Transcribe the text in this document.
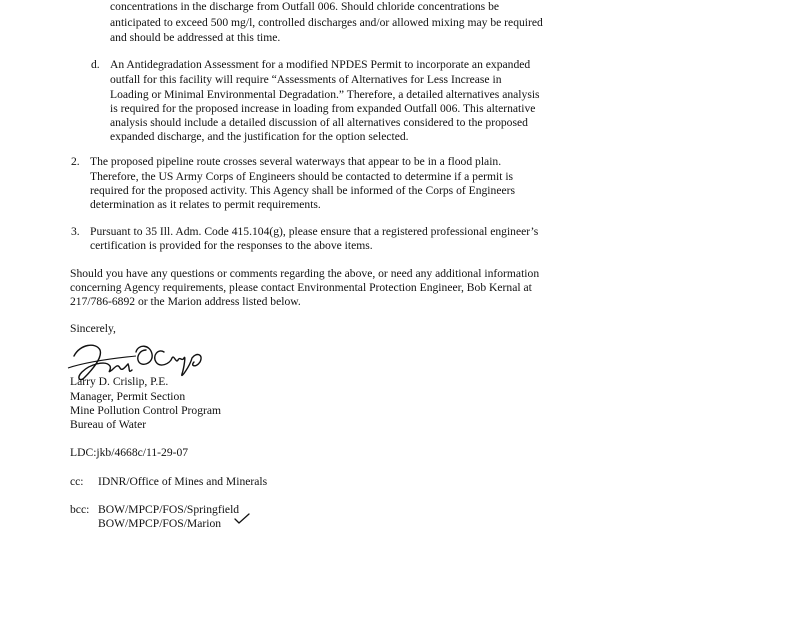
concentrations in the discharge from Outfall 006. Should chloride concentrations be

anticipated to exceed 500 mg/l, controlled discharges and/or allowed mixing may be required

and should be addressed at this time.

d. An Antidegradation Assessment for a modified NPDES Permit to incorporate an expanded

outfall for this facility will require “Assessments of Alternatives for Less Increase in

Loading or Minimal Environmental Degradation.” Therefore, a detailed alternatives analysis

is required for the proposed increase in loading from expanded Outfall 006. This alternative

analysis should include a detailed discussion of all alternatives considered to the proposed

expanded discharge, and the justification for the option selected.

2. The proposed pipeline route crosses several waterways that appear to be in a flood plain.

Therefore, the US Army Corps of Engineers should be contacted to determine if a permit is

required for the proposed activity. This Agency shall be informed of the Corps of Engineers

determination as it relates to permit requirements.

3. Pursuant to 35 Ill. Adm. Code 415.104(g), please ensure that a registered professional engineer’s

certification is provided for the responses to the above items.

Should you have any questions or comments regarding the above, or need any additional information

concerning Agency requirements, please contact Environmental Protection Engineer, Bob Kernal at

217/786-6892 or the Marion address listed below.

Sincerely,

Larry D. Crislip, P.E.

Manager, Permit Section

Mine Pollution Control Program

Bureau of Water

LDC:jkb/4668c/11-29-07

cc: IDNR/Office of Mines and Minerals
bcc: BOW/MPCP/FOS/Springfield
BOW/MPCP/FOS/Marion
